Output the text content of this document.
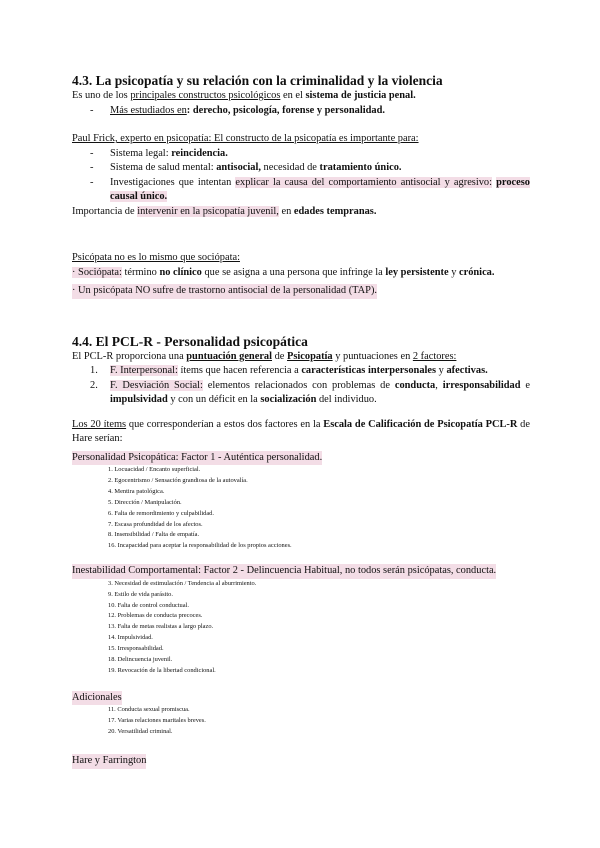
4.3. La psicopatía y su relación con la criminalidad y la violencia

Es uno de los principales constructos psicológicos en el sistema de justicia penal.

- Más estudiados en: derecho, psicología, forense y personalidad.

Paul Frick, experto en psicopatía: El constructo de la psicopatía es importante para:

- Sistema legal: reincidencia.
- Sistema de salud mental: antisocial, necesidad de tratamiento único.
- Investigaciones que intentan explicar la causa del comportamiento antisocial y agresivo: proceso causal único.

Importancia de intervenir en la psicopatía juvenil, en edades tempranas.

Psicópata no es lo mismo que sociópata:

· Sociópata: término no clínico que se asigna a una persona que infringe la ley persistente y crónica.

· Un psicópata NO sufre de trastorno antisocial de la personalidad (TAP).

4.4. El PCL-R - Personalidad psicopática

El PCL-R proporciona una puntuación general de Psicopatía y puntuaciones en 2 factores:

1. F. Interpersonal: ítems que hacen referencia a características interpersonales y afectivas.
2. F. Desviación Social: elementos relacionados con problemas de conducta, irresponsabilidad e impulsividad y con un déficit en la socialización del individuo.

Los 20 ítems que corresponderían a estos dos factores en la Escala de Calificación de Psicopatía PCL-R de Hare serían:

Personalidad Psicopática: Factor 1 - Auténtica personalidad.

1. Locuacidad / Encanto superficial.

2. Egocentrismo / Sensación grandiosa de la autovalía.

4. Mentira patológica.

5. Dirección / Manipulación.

6. Falta de remordimiento y culpabilidad.

7. Escasa profundidad de los afectos.

8. Insensibilidad / Falta de empatía.

16. Incapacidad para aceptar la responsabilidad de los propios acciones.

Inestabilidad Comportamental: Factor 2 - Delincuencia Habitual, no todos serán psicópatas, conducta.

3. Necesidad de estimulación / Tendencia al aburrimiento.

9. Estilo de vida parásito.

10. Falta de control conductual.

12. Problemas de conducta precoces.

13. Falta de metas realistas a largo plazo.

14. Impulsividad.

15. Irresponsabilidad.

18. Delincuencia juvenil.

19. Revocación de la libertad condicional.

Adicionales

11. Conducta sexual promiscua.

17. Varias relaciones maritales breves.

20. Versatilidad criminal.

Hare y Farrington
